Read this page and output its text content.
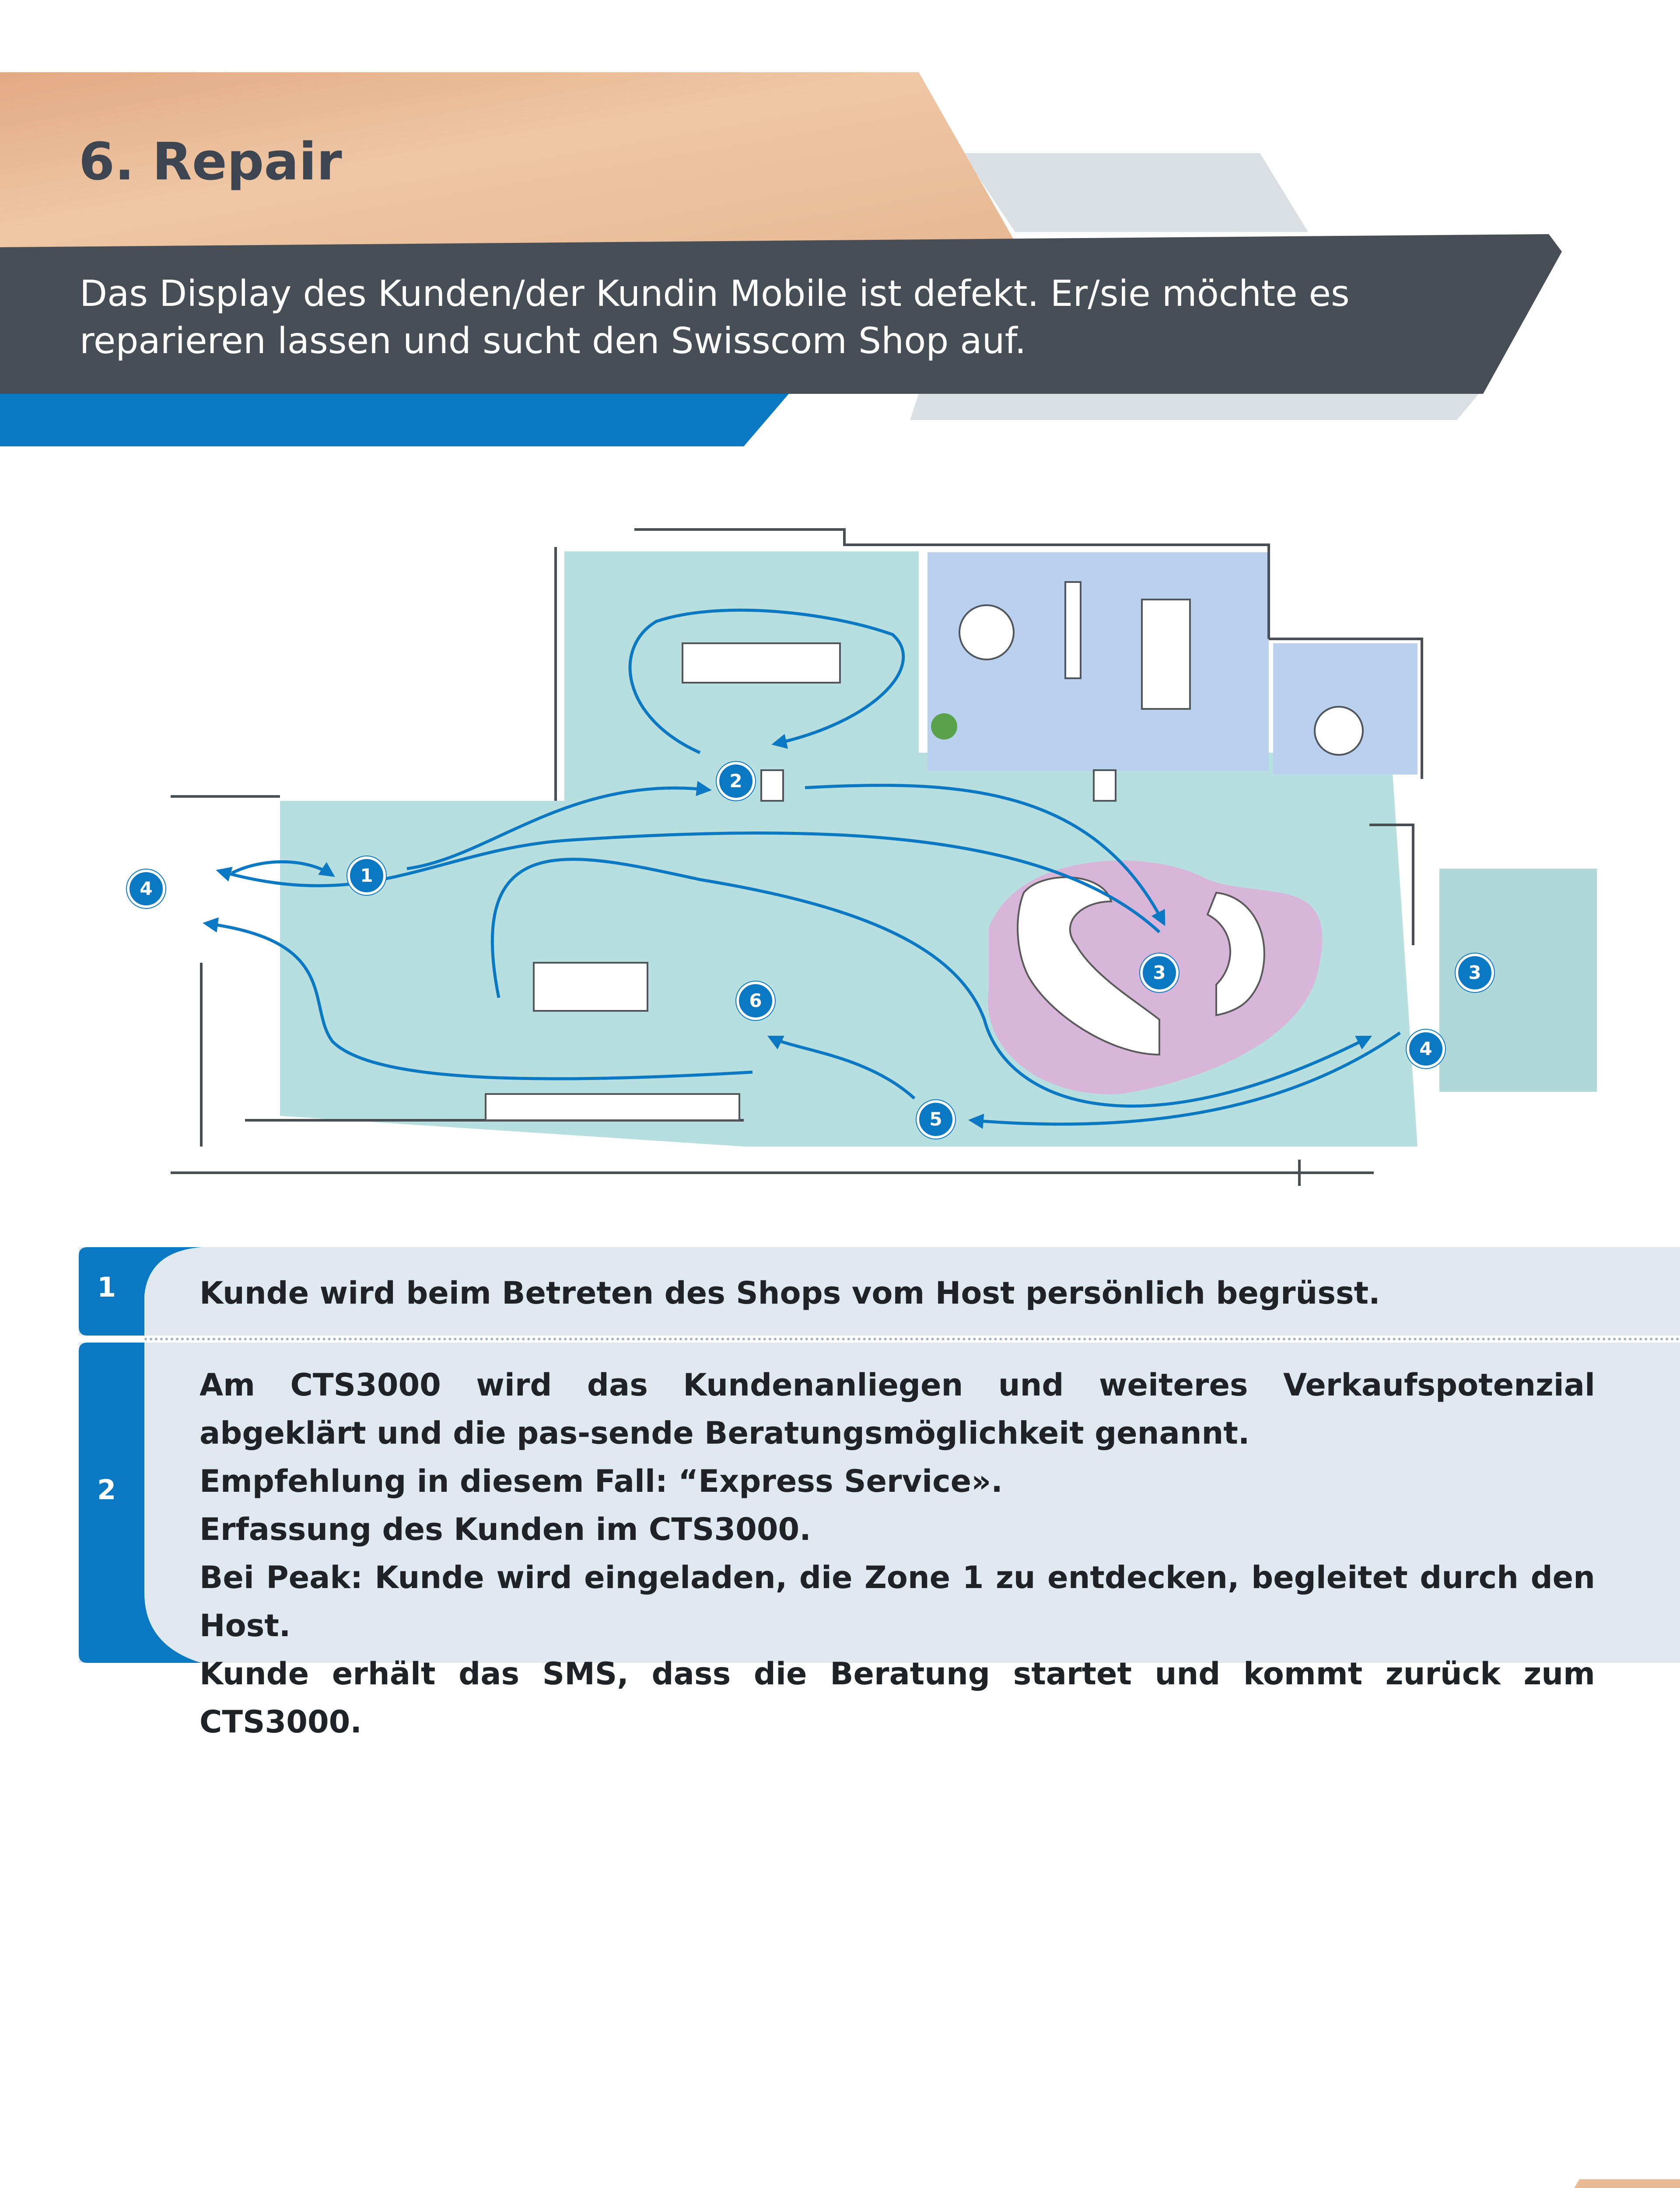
6. Repair
Das Display des Kunden/der Kundin Mobile ist defekt. Er/sie möchte es reparieren lassen und sucht den Swisscom Shop auf.
1
2
3	3
4
4
5
6
1	Kunde wird beim Betreten des Shops vom Host persönlich begrüsst.

2

Am CTS3000 wird das Kundenanliegen und weiteres Verkaufspotenzial abgeklärt und die pas-sende Beratungsmöglichkeit genannt.

Empfehlung in diesem Fall: “Express Service».

Erfassung des Kunden im CTS3000.

Bei Peak: Kunde wird eingeladen, die Zone 1 zu entdecken, begleitet durch den Host.

Kunde erhält das SMS, dass die Beratung startet und kommt zurück zum CTS3000.
